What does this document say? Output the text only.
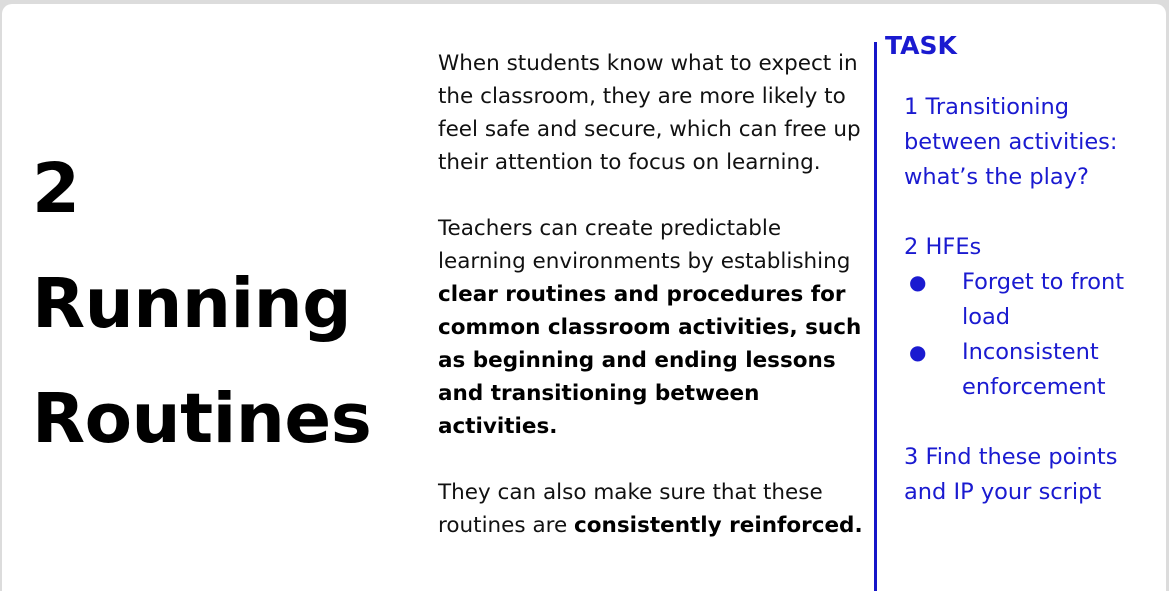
2
Running
Routines

When students know what to expect in the classroom, they are more likely to feel safe and secure, which can free up their attention to focus on learning.

Teachers can create predictable learning environments by establishing clear routines and procedures for common classroom activities, such as beginning and ending lessons and transitioning between activities.

They can also make sure that these routines are consistently reinforced.

TASK

1 Transitioning between activities: what’s the play?

2 HFEs

● Forget to front load
● Inconsistent enforcement

3 Find these points and IP your script
